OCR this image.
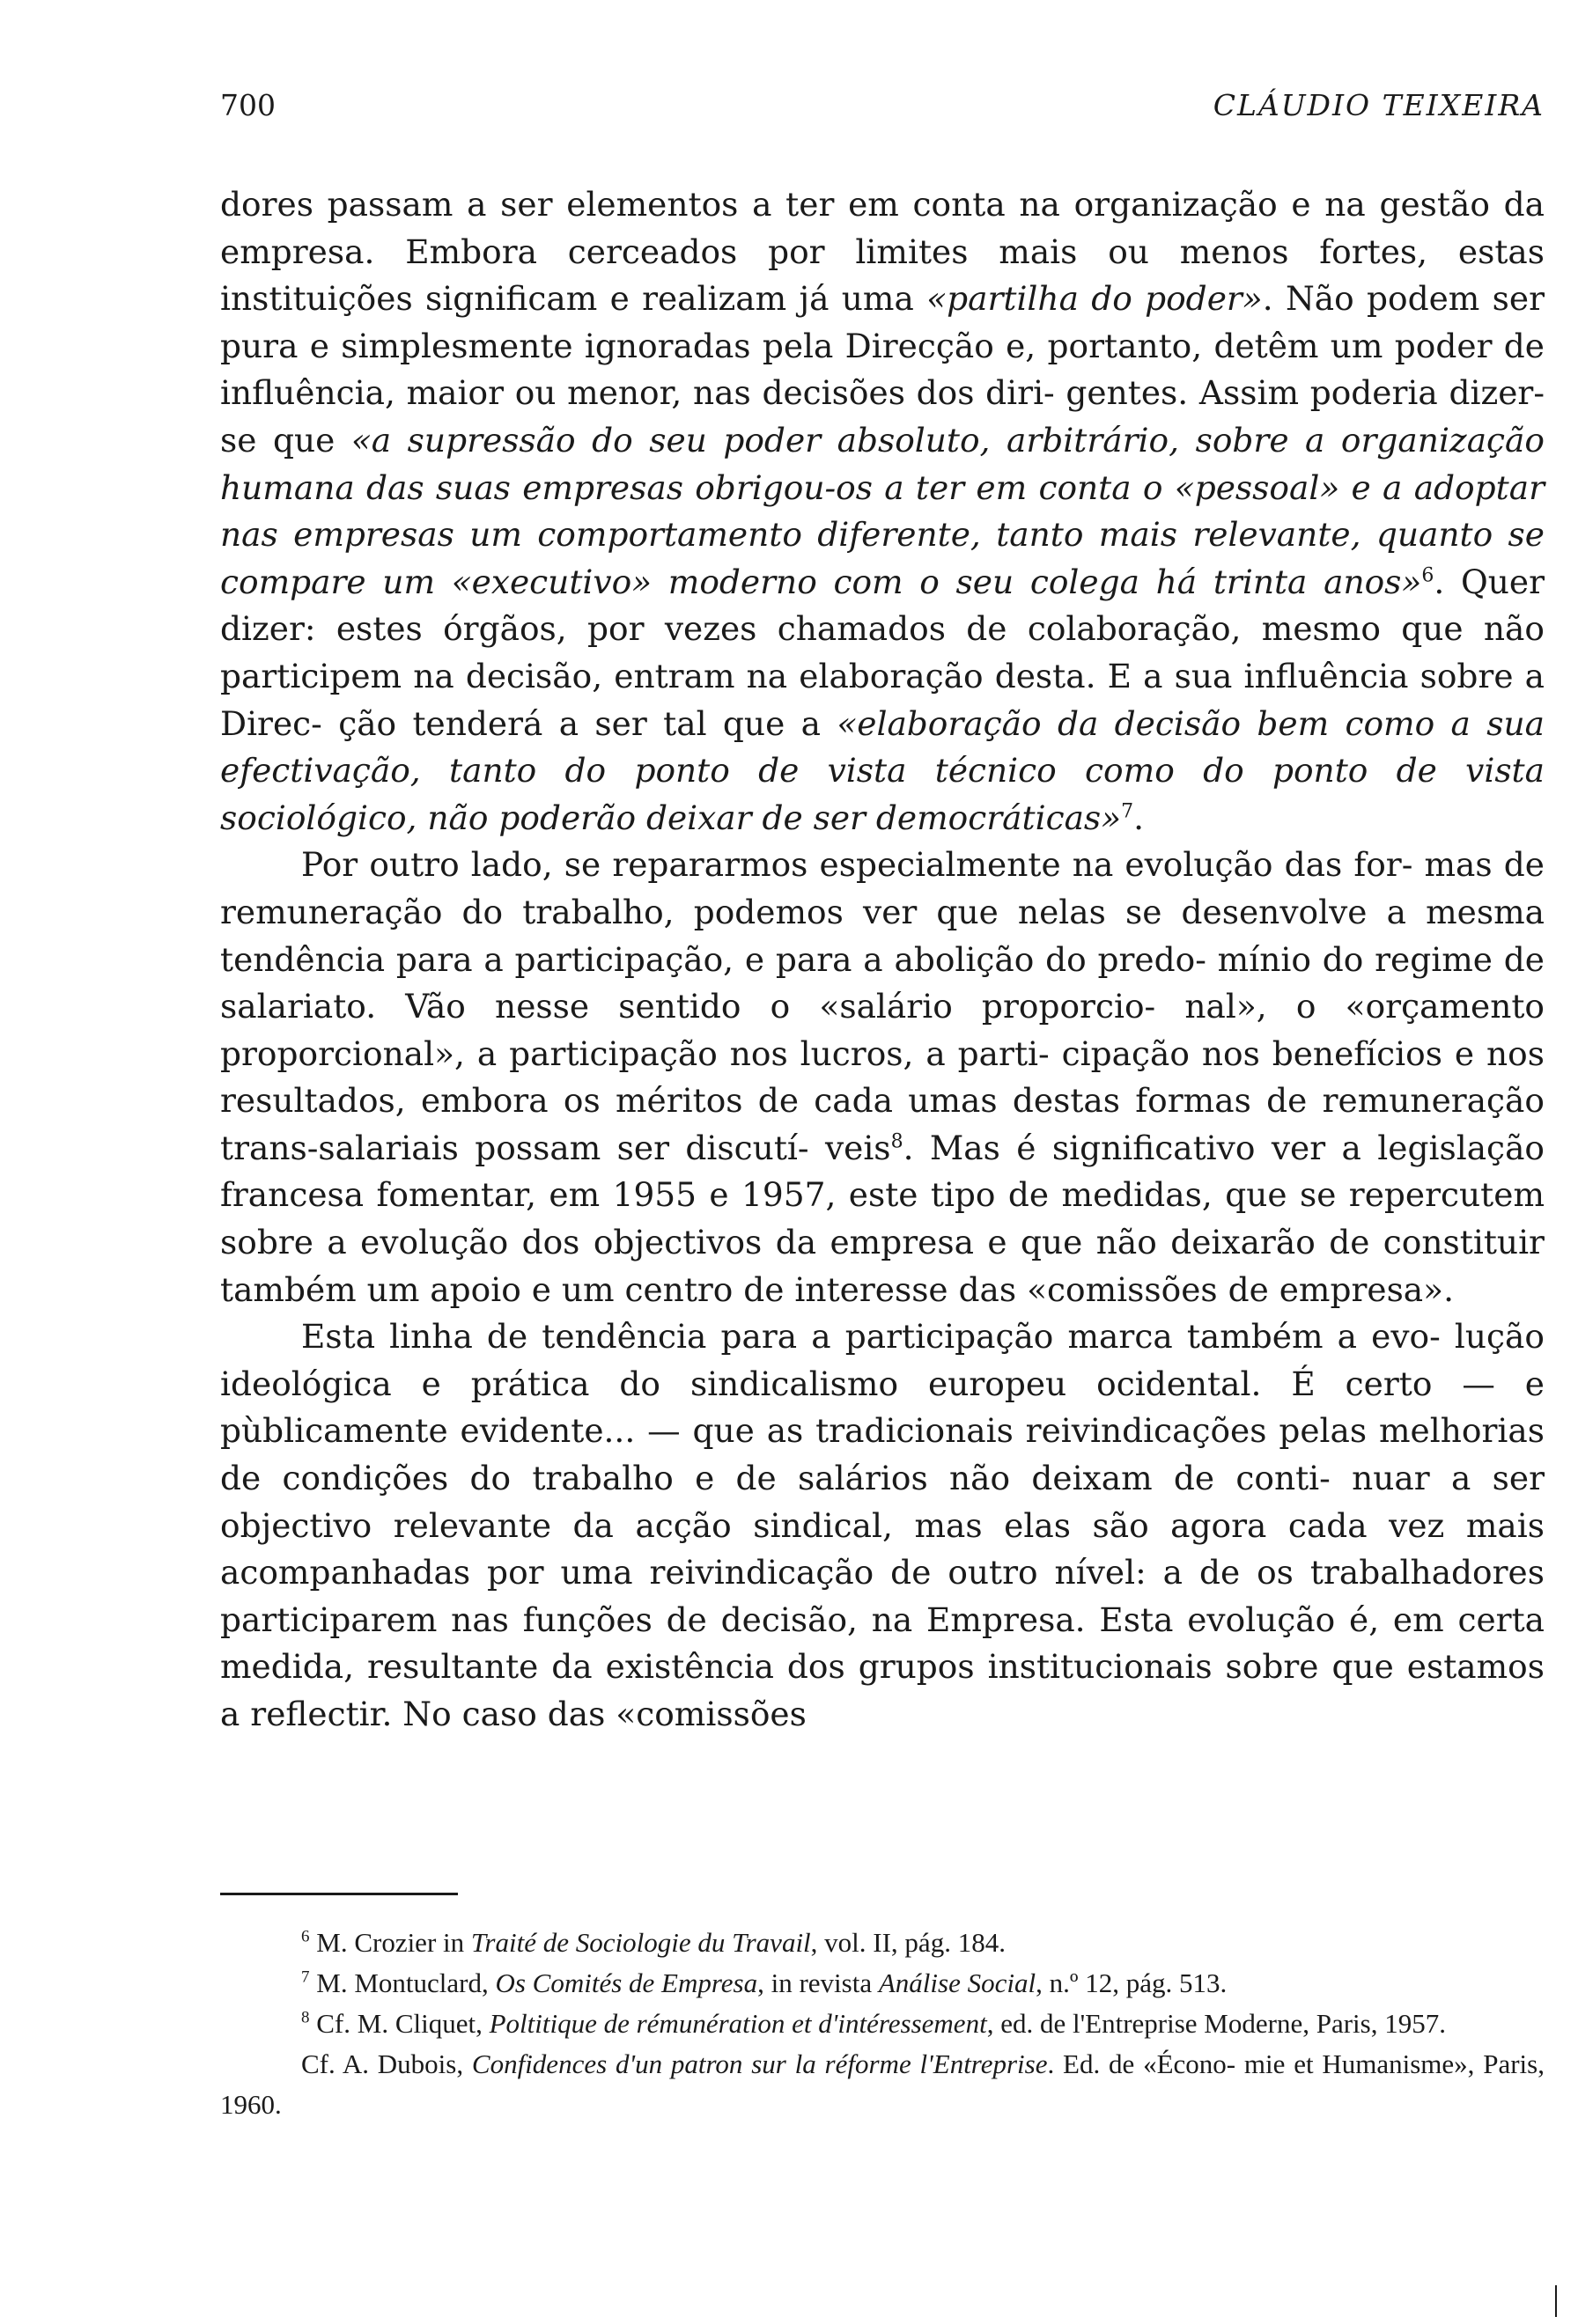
700	CLÁUDIO TEIXEIRA

dores passam a ser elementos a ter em conta na organização e na gestão da empresa. Embora cerceados por limites mais ou menos fortes, estas instituições significam e realizam já uma «partilha do poder». Não podem ser pura e simplesmente ignoradas pela Direcção e, portanto, detêm um poder de influência, maior ou menor, nas decisões dos diri‑ gentes. Assim poderia dizer-se que «a supressão do seu poder absoluto, arbitrário, sobre a organização humana das suas empresas obrigou-os a ter em conta o «pessoal» e a adoptar nas empresas um comportamento diferente, tanto mais relevante, quanto se compare um «executivo» moderno com o seu colega há trinta anos»$^6$. Quer dizer: estes órgãos, por vezes chamados de colaboração, mesmo que não participem na decisão, entram na elaboração desta. E a sua influência sobre a Direc‑ ção tenderá a ser tal que a «elaboração da decisão bem como a sua efectivação, tanto do ponto de vista técnico como do ponto de vista sociológico, não poderão deixar de ser democráticas»$^7$.

Por outro lado, se repararmos especialmente na evolução das for‑ mas de remuneração do trabalho, podemos ver que nelas se desenvolve a mesma tendência para a participação, e para a abolição do predo‑ mínio do regime de salariato. Vão nesse sentido o «salário proporcio‑ nal», o «orçamento proporcional», a participação nos lucros, a parti‑ cipação nos benefícios e nos resultados, embora os méritos de cada umas destas formas de remuneração trans-salariais possam ser discutí‑ veis$^8$. Mas é significativo ver a legislação francesa fomentar, em 1955 e 1957, este tipo de medidas, que se repercutem sobre a evolução dos objectivos da empresa e que não deixarão de constituir também um apoio e um centro de interesse das «comissões de empresa».

Esta linha de tendência para a participação marca também a evo‑ lução ideológica e prática do sindicalismo europeu ocidental. É certo — e pùblicamente evidente... — que as tradicionais reivindicações pelas melhorias de condições do trabalho e de salários não deixam de conti‑ nuar a ser objectivo relevante da acção sindical, mas elas são agora cada vez mais acompanhadas por uma reivindicação de outro nível: a de os trabalhadores participarem nas funções de decisão, na Empresa. Esta evolução é, em certa medida, resultante da existência dos grupos institucionais sobre que estamos a reflectir. No caso das «comissões

$^6$ M. Crozier in Traité de Sociologie du Travail, vol. II, pág. 184.

$^7$ M. Montuclard, Os Comités de Empresa, in revista Análise Social, n.º 12, pág. 513.

$^8$ Cf. M. Cliquet, Poltitique de rémunération et d'intéressement, ed. de l'Entreprise Moderne, Paris, 1957.

Cf. A. Dubois, Confidences d'un patron sur la réforme l'Entreprise. Ed. de «Écono‑ mie et Humanisme», Paris, 1960.
